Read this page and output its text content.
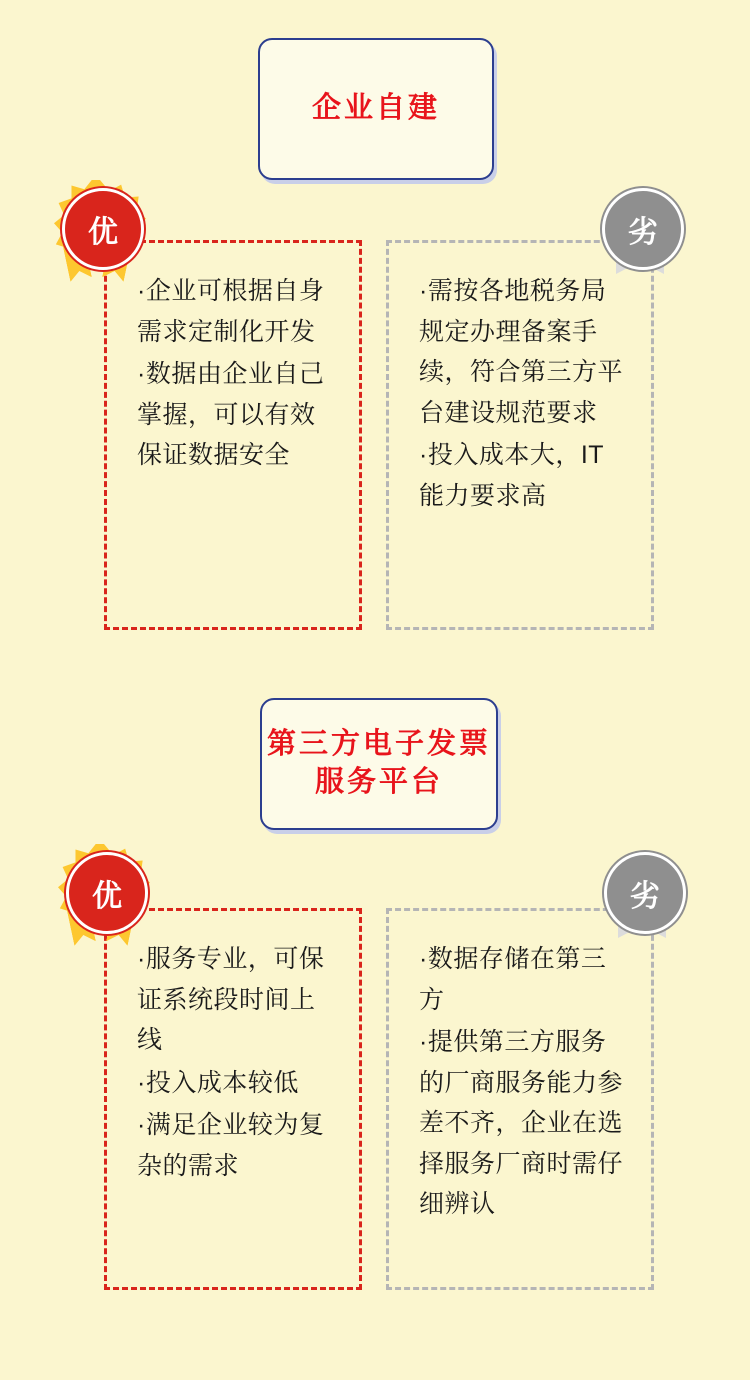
企业自建

·企业可根据自身需求定制化开发

·数据由企业自己掌握，可以有效保证数据安全

优

·需按各地税务局规定办理备案手续，符合第三方平台建设规范要求

·投入成本大，IT能力要求高

劣
第三方电子发票服务平台

·服务专业，可保证系统段时间上线

·投入成本较低

·满足企业较为复杂的需求

优

·数据存储在第三方

·提供第三方服务的厂商服务能力参差不齐，企业在选择服务厂商时需仔细辨认

劣
